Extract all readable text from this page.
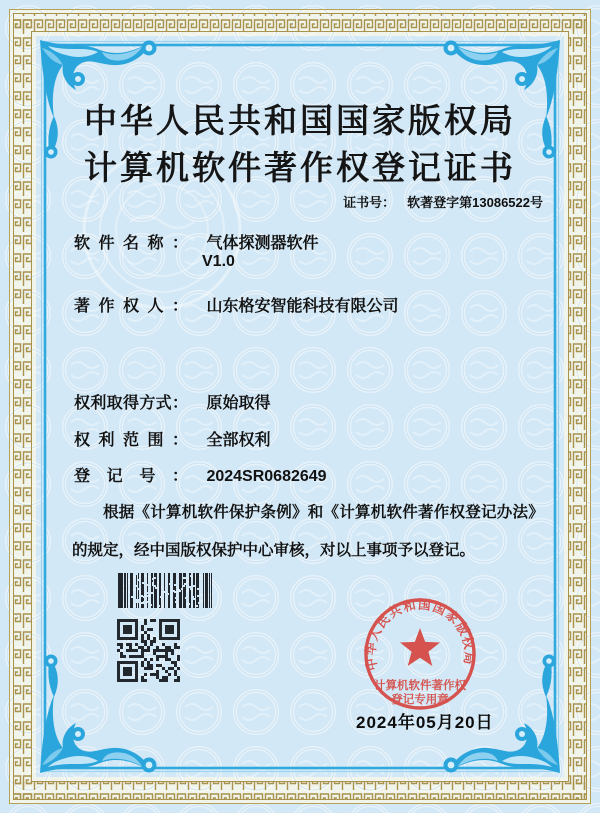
中华人民共和国国家版权局
计算机软件著作权登记证书
证书号： 软著登字第13086522号
软件名称： 气体探测器软件
V1.0
著作权人： 山东格安智能科技有限公司
权利取得方式： 原始取得
权利范围： 全部权利
登记号： 2024SR0682649
根据《计算机软件保护条例》和《计算机软件著作权登记办法》的规定，经中国版权保护中心审核，对以上事项予以登记。
中华人民共和国国家版权局
计算机软件著作权
登记专用章
2024年05月20日
